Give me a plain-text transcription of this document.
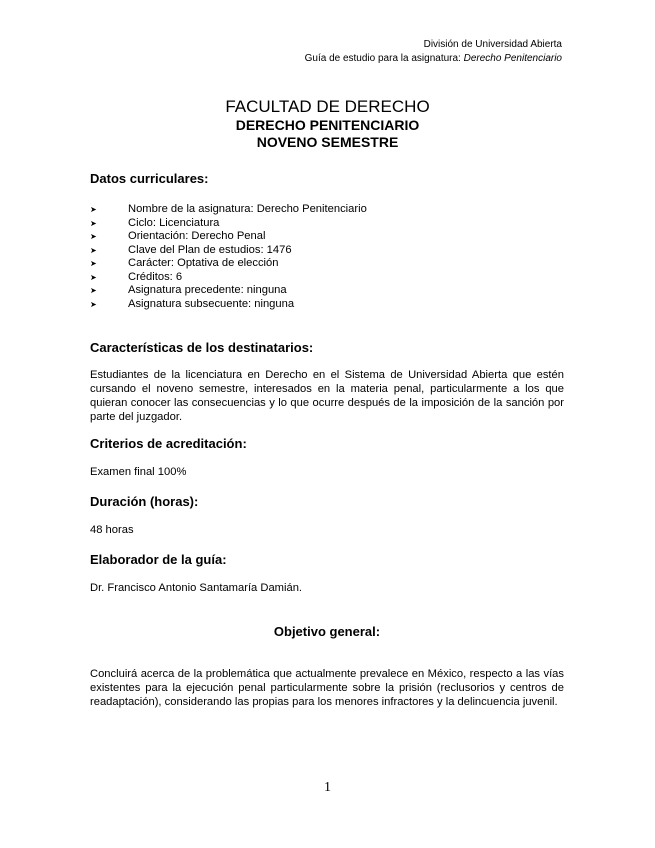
División de Universidad Abierta
Guía de estudio para la asignatura: Derecho Penitenciario
FACULTAD DE DERECHO
DERECHO PENITENCIARIO
NOVENO SEMESTRE
Datos curriculares:
➤	Nombre de la asignatura: Derecho Penitenciario
➤	Ciclo: Licenciatura
➤	Orientación: Derecho Penal
➤	Clave del Plan de estudios: 1476
➤	Carácter: Optativa de elección
➤	Créditos: 6
➤	Asignatura precedente: ninguna
➤	Asignatura subsecuente: ninguna
Características de los destinatarios:

Estudiantes de la licenciatura en Derecho en el Sistema de Universidad Abierta que estén cursando el noveno semestre, interesados en la materia penal, particularmente a los que quieran conocer las consecuencias y lo que ocurre después de la imposición de la sanción por parte del juzgador.

Criterios de acreditación:

Examen final 100%

Duración (horas):

48 horas

Elaborador de la guía:

Dr. Francisco Antonio Santamaría Damián.

Objetivo general:

Concluirá acerca de la problemática que actualmente prevalece en México, respecto a las vías existentes para la ejecución penal particularmente sobre la prisión (reclusorios y centros de readaptación), considerando las propias para los menores infractores y la delincuencia juvenil.

1
